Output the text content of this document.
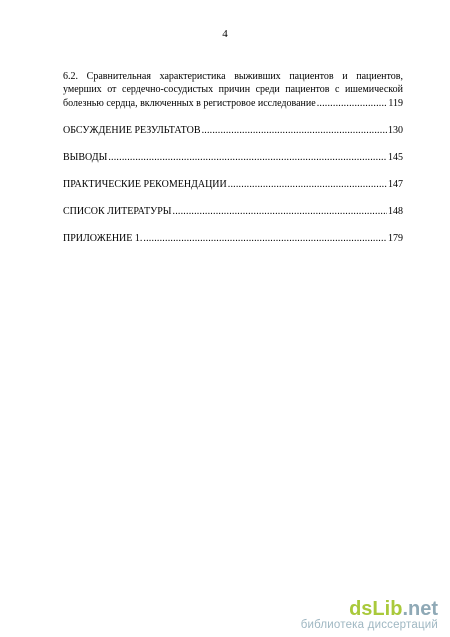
4
6.2. Сравнительная характеристика выживших пациентов и пациентов,
умерших от сердечно-сосудистых причин среди пациентов с ишемической
болезнью сердца, включенных в регистровое исследование .....	119
ОБСУЖДЕНИЕ РЕЗУЛЬТАТОВ .....	130
ВЫВОДЫ .....	145
ПРАКТИЧЕСКИЕ РЕКОМЕНДАЦИИ .....	147
СПИСОК ЛИТЕРАТУРЫ .....	148
ПРИЛОЖЕНИЕ 1. .....	179
dsLib.net
библиотека диссертаций
